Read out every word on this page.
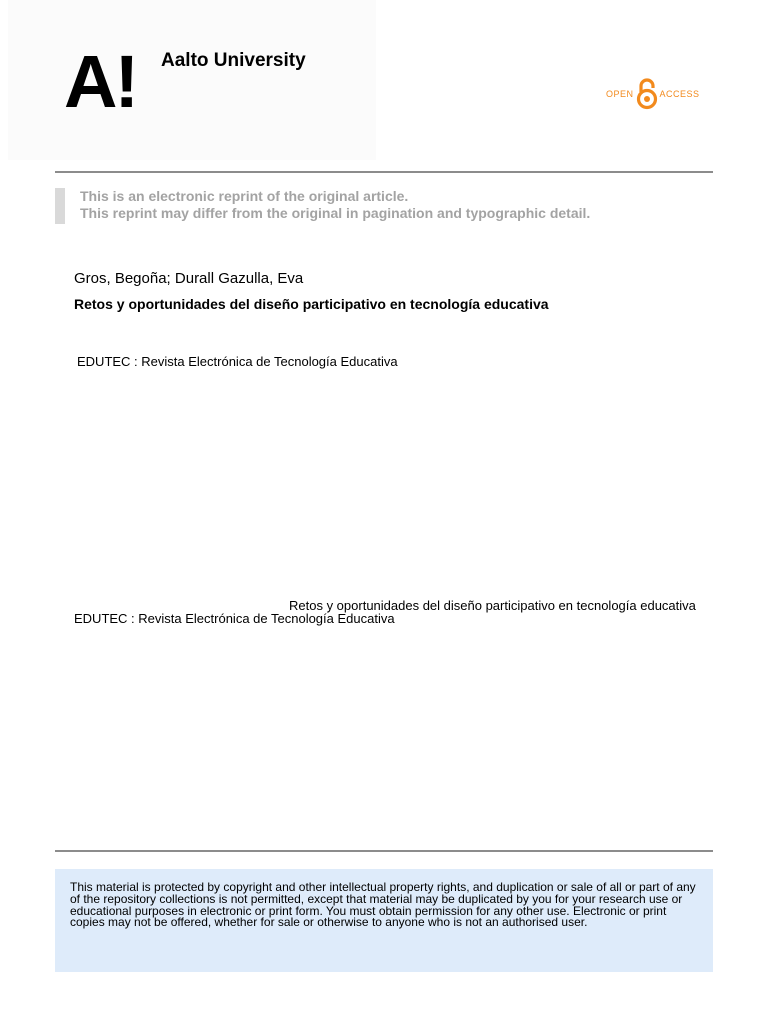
A! Aalto University
OPEN	ACCESS
This is an electronic reprint of the original article.
This reprint may differ from the original in pagination and typographic detail.
Gros, Begoña; Durall Gazulla, Eva
Retos y oportunidades del diseño participativo en tecnología educativa
EDUTEC : Revista Electrónica de Tecnología Educativa
Retos y oportunidades del diseño participativo en tecnología educativa
EDUTEC : Revista Electrónica de Tecnología Educativa
This material is protected by copyright and other intellectual property rights, and duplication or sale of all or part of any of the repository collections is not permitted, except that material may be duplicated by you for your research use or educational purposes in electronic or print form. You must obtain permission for any other use. Electronic or print copies may not be offered, whether for sale or otherwise to anyone who is not an authorised user.
